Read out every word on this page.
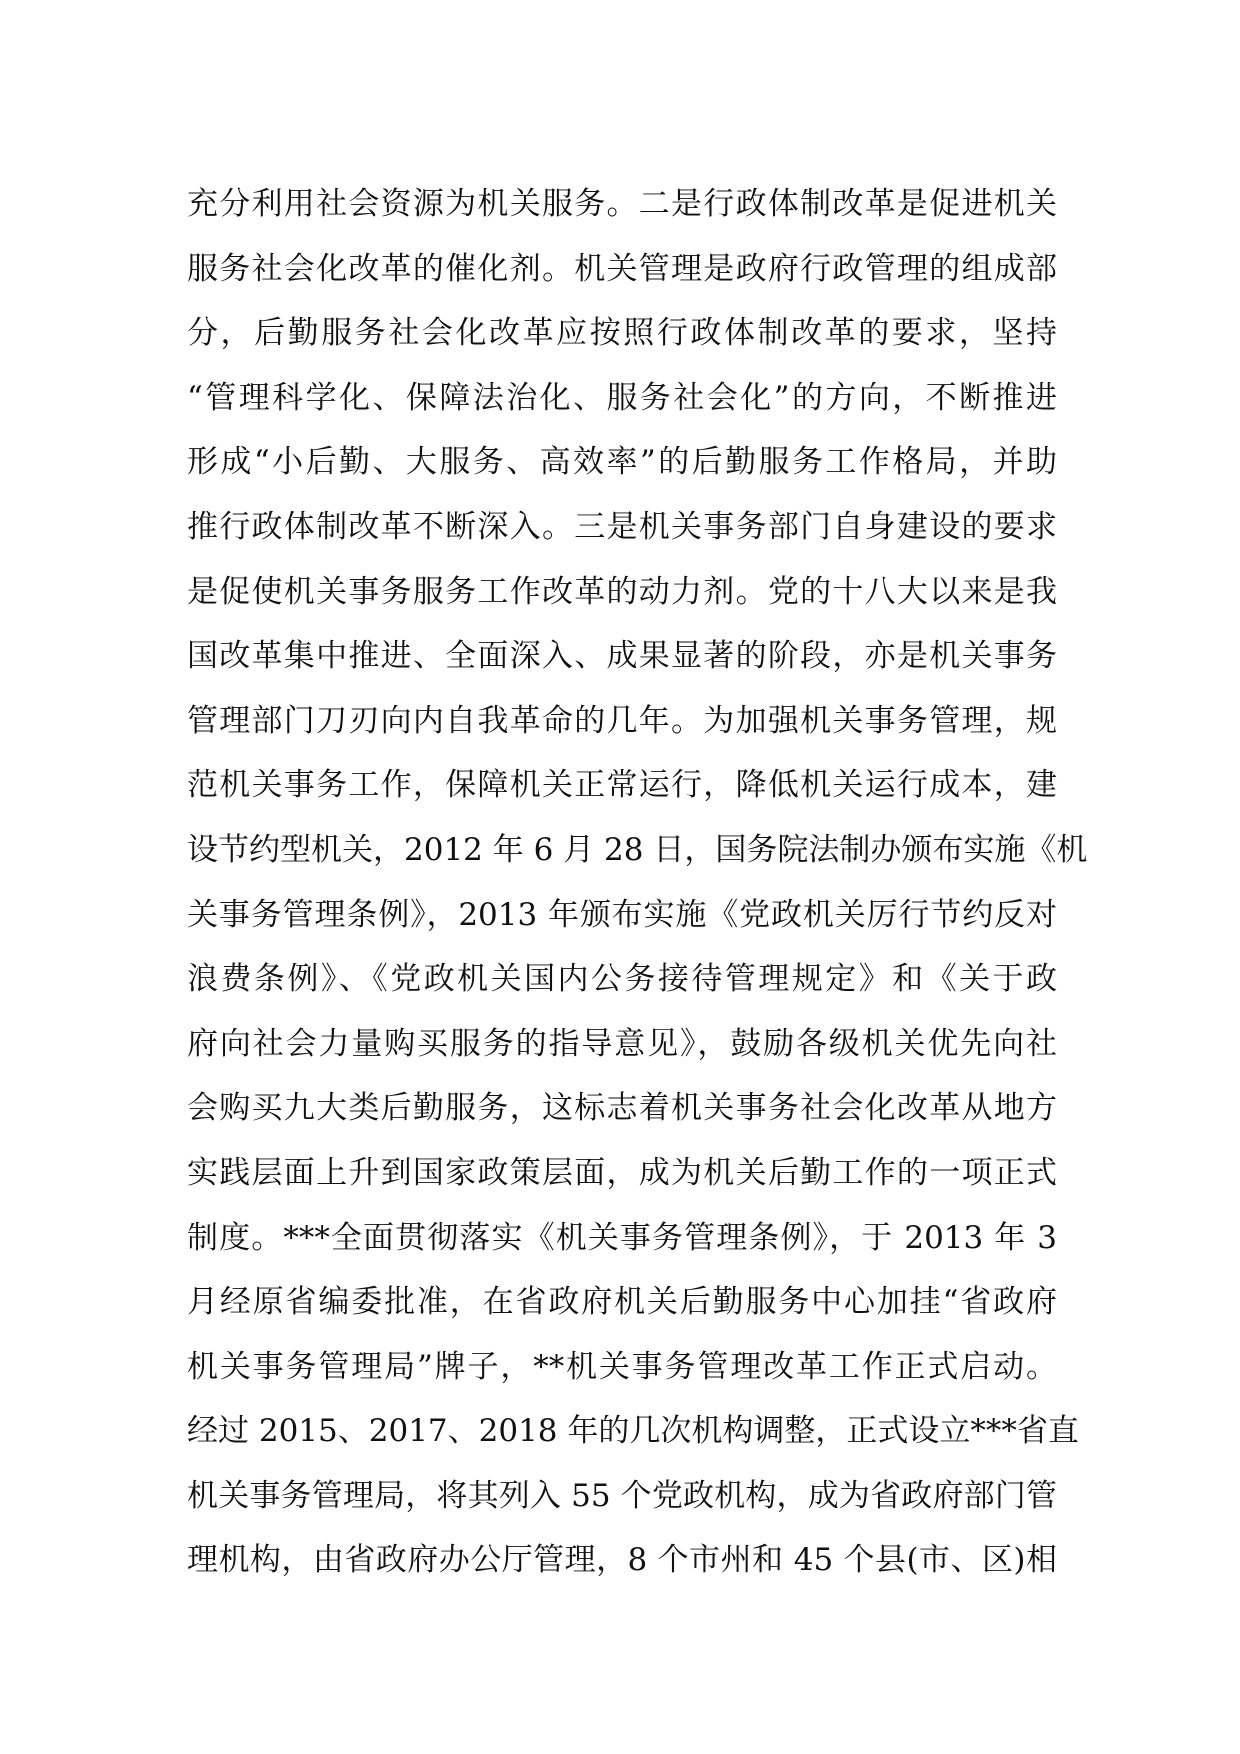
充分利用社会资源为机关服务。二是行政体制改革是促进机关
服务社会化改革的催化剂。机关管理是政府行政管理的组成部
分，后勤服务社会化改革应按照行政体制改革的要求，坚持
“管理科学化、保障法治化、服务社会化”的方向，不断推进
形成“小后勤、大服务、高效率”的后勤服务工作格局，并助
推行政体制改革不断深入。三是机关事务部门自身建设的要求
是促使机关事务服务工作改革的动力剂。党的十八大以来是我
国改革集中推进、全面深入、成果显著的阶段，亦是机关事务
管理部门刀刃向内自我革命的几年。为加强机关事务管理，规
范机关事务工作，保障机关正常运行，降低机关运行成本，建
设节约型机关，2012 年 6 月 28 日，国务院法制办颁布实施《机
关事务管理条例》，2013 年颁布实施《党政机关厉行节约反对
浪费条例》、《党政机关国内公务接待管理规定》和《关于政
府向社会力量购买服务的指导意见》，鼓励各级机关优先向社
会购买九大类后勤服务，这标志着机关事务社会化改革从地方
实践层面上升到国家政策层面，成为机关后勤工作的一项正式
制度。***全面贯彻落实《机关事务管理条例》，于 2013 年 3
月经原省编委批准，在省政府机关后勤服务中心加挂“省政府
机关事务管理局”牌子，**机关事务管理改革工作正式启动。
经过 2015、2017、2018 年的几次机构调整，正式设立***省直
机关事务管理局，将其列入 55 个党政机构，成为省政府部门管
理机构，由省政府办公厅管理，8 个市州和 45 个县(市、区)相
